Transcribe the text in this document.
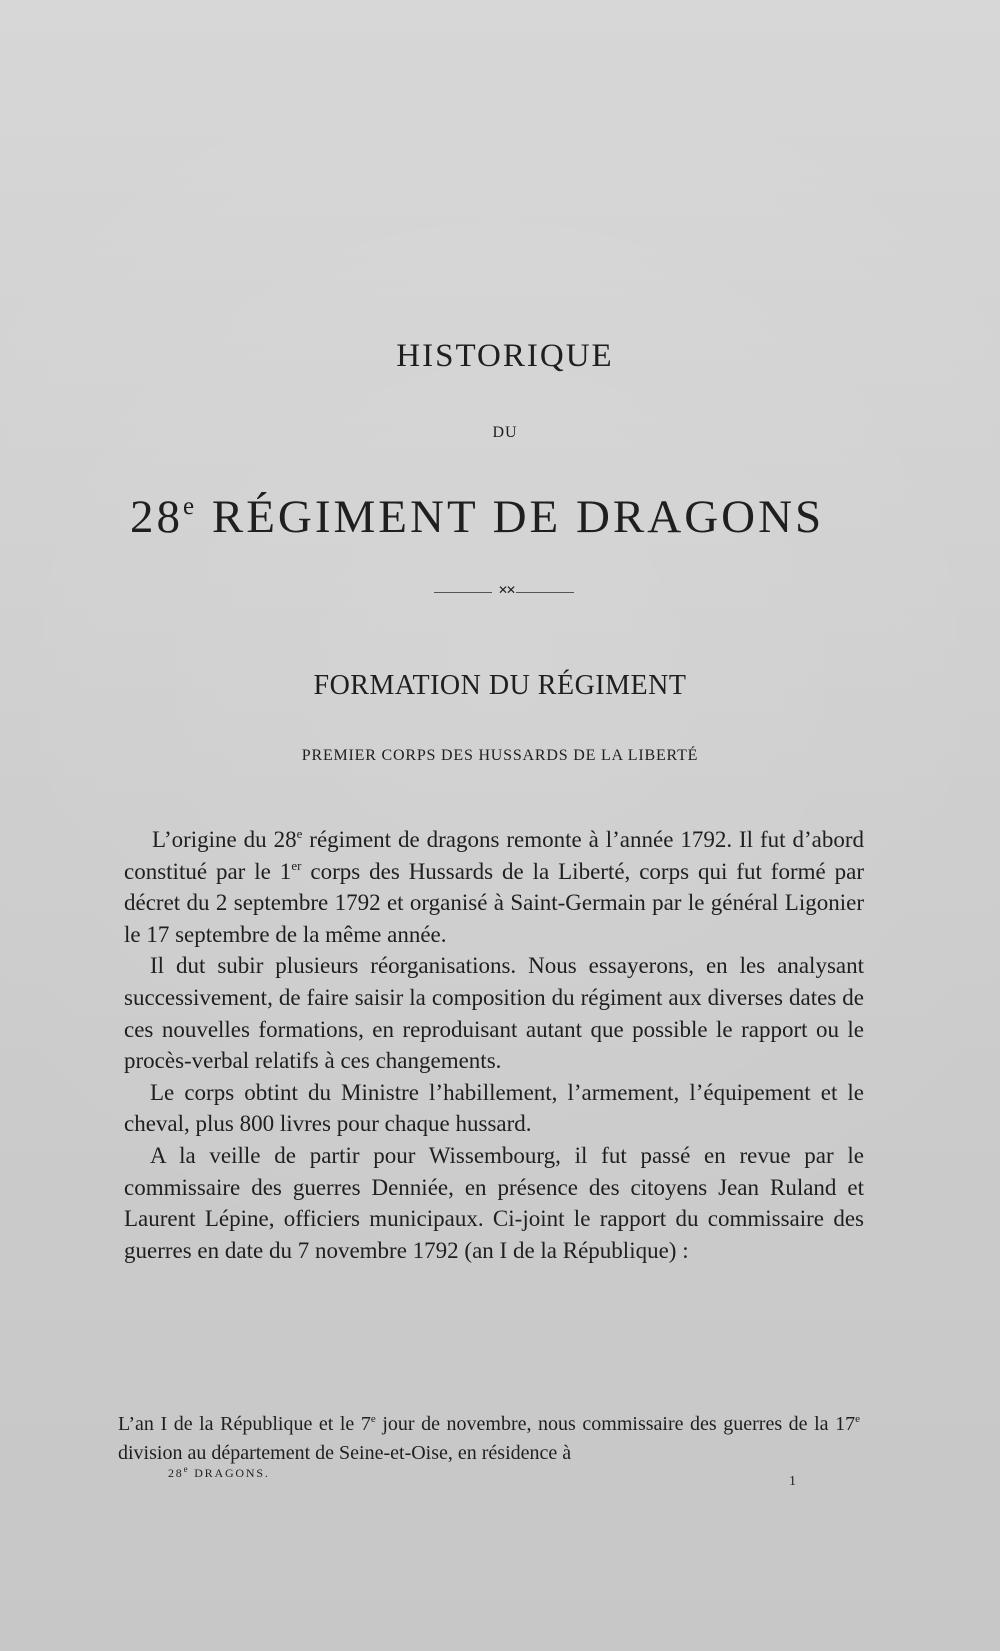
HISTORIQUE
DU
28e RÉGIMENT DE DRAGONS
✕✕
FORMATION DU RÉGIMENT
PREMIER CORPS DES HUSSARDS DE LA LIBERTÉ

L’origine du 28e régiment de dragons remonte à l’année 1792. Il fut d’abord constitué par le 1er corps des Hussards de la Liberté, corps qui fut formé par décret du 2 septembre 1792 et organisé à Saint-Germain par le général Ligonier le 17 septembre de la même année.

Il dut subir plusieurs réorganisations. Nous essayerons, en les analysant successivement, de faire saisir la composition du régiment aux diverses dates de ces nouvelles formations, en reproduisant autant que possible le rapport ou le procès-verbal relatifs à ces changements.

Le corps obtint du Ministre l’habillement, l’armement, l’équipement et le cheval, plus 800 livres pour chaque hussard.

A la veille de partir pour Wissembourg, il fut passé en revue par le commissaire des guerres Denniée, en présence des citoyens Jean Ruland et Laurent Lépine, officiers municipaux. Ci-joint le rapport du commissaire des guerres en date du 7 novembre 1792 (an I de la République) :

L’an I de la République et le 7e jour de novembre, nous commissaire des guerres de la 17e division au département de Seine-et-Oise, en résidence à
28e DRAGONS.
1
